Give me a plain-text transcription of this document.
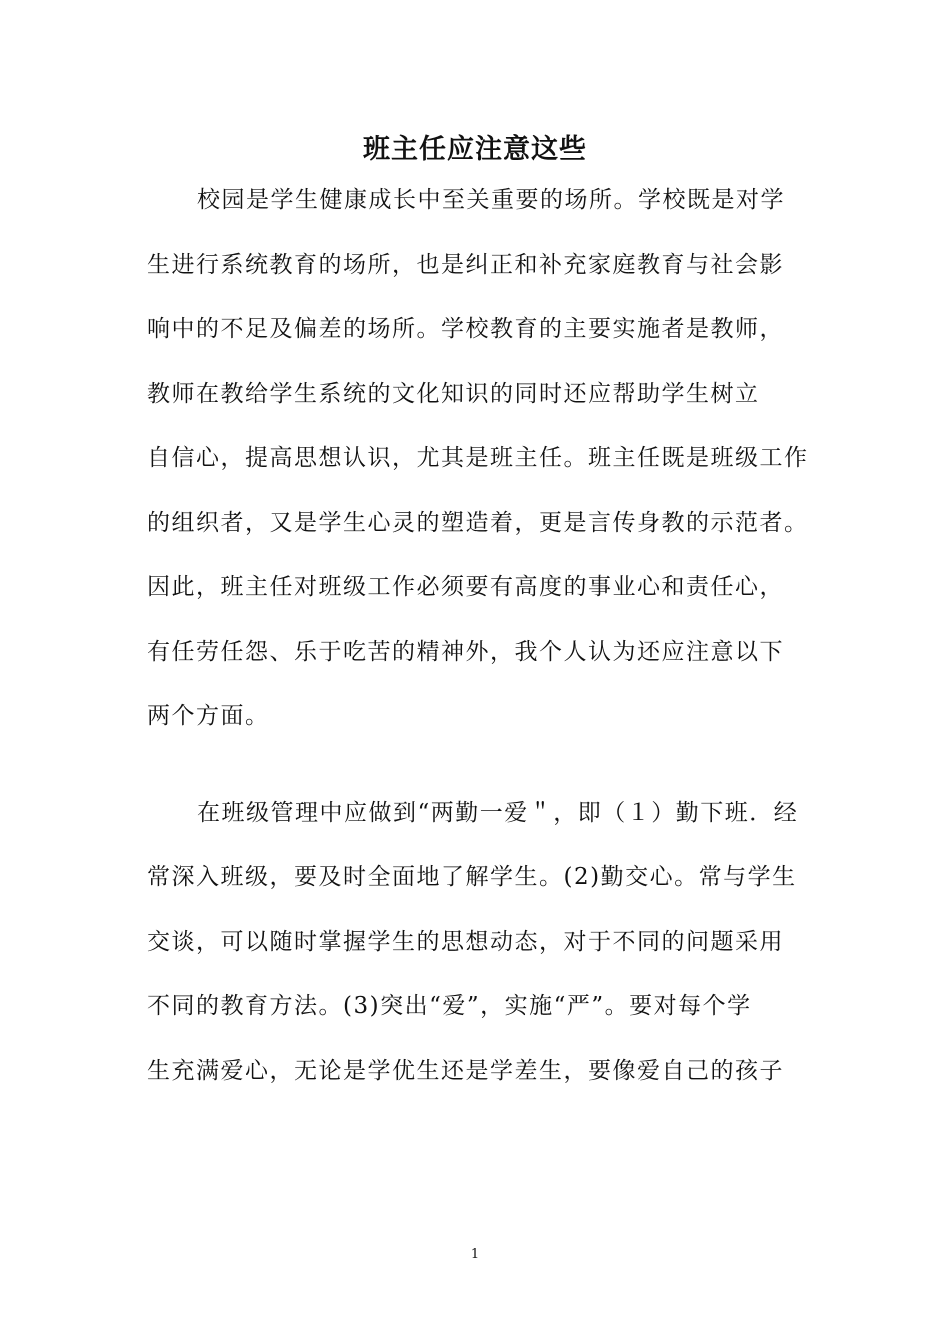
班主任应注意这些
校园是学生健康成长中至关重要的场所。学校既是对学
生进行系统教育的场所，也是纠正和补充家庭教育与社会影
响中的不足及偏差的场所。学校教育的主要实施者是教师，
教师在教给学生系统的文化知识的同时还应帮助学生树立
自信心，提高思想认识，尤其是班主任。班主任既是班级工作
的组织者，又是学生心灵的塑造着，更是言传身教的示范者。
因此，班主任对班级工作必须要有高度的事业心和责任心，
有任劳任怨、乐于吃苦的精神外，我个人认为还应注意以下
两个方面。
在班级管理中应做到“两勤一爱＂，即（１）勤下班．经
常深入班级，要及时全面地了解学生。(2)勤交心。常与学生
交谈，可以随时掌握学生的思想动态，对于不同的问题采用
不同的教育方法。(3)突出“爱”，实施“严”。要对每个学
生充满爱心，无论是学优生还是学差生，要像爱自己的孩子
1
